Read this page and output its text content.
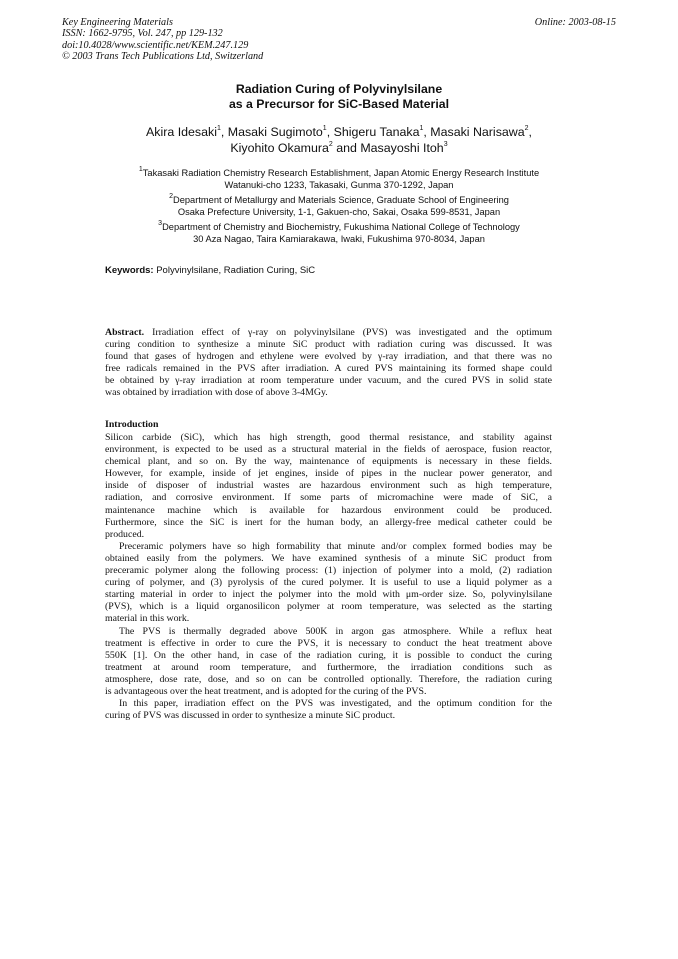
Key Engineering Materials
ISSN: 1662-9795, Vol. 247, pp 129-132
doi:10.4028/www.scientific.net/KEM.247.129
© 2003 Trans Tech Publications Ltd, Switzerland
Online: 2003-08-15
Radiation Curing of Polyvinylsilane
as a Precursor for SiC-Based Material
Akira Idesaki$^1$, Masaki Sugimoto$^1$, Shigeru Tanaka$^1$, Masaki Narisawa$^2$,
Kiyohito Okamura$^2$ and Masayoshi Itoh$^3$
$^1$Takasaki Radiation Chemistry Research Establishment, Japan Atomic Energy Research Institute
Watanuki-cho 1233, Takasaki, Gunma 370-1292, Japan
$^2$Department of Metallurgy and Materials Science, Graduate School of Engineering
Osaka Prefecture University, 1-1, Gakuen-cho, Sakai, Osaka 599-8531, Japan
$^3$Department of Chemistry and Biochemistry, Fukushima National College of Technology
30 Aza Nagao, Taira Kamiarakawa, Iwaki, Fukushima 970-8034, Japan
Keywords: Polyvinylsilane, Radiation Curing, SiC
Abstract. Irradiation effect of γ-ray on polyvinylsilane (PVS) was investigated and the optimum
curing condition to synthesize a minute SiC product with radiation curing was discussed. It was
found that gases of hydrogen and ethylene were evolved by γ-ray irradiation, and that there was no
free radicals remained in the PVS after irradiation. A cured PVS maintaining its formed shape could
be obtained by γ-ray irradiation at room temperature under vacuum, and the cured PVS in solid state
was obtained by irradiation with dose of above 3-4MGy.
Introduction
Silicon carbide (SiC), which has high strength, good thermal resistance, and stability against
environment, is expected to be used as a structural material in the fields of aerospace, fusion reactor,
chemical plant, and so on. By the way, maintenance of equipments is necessary in these fields.
However, for example, inside of jet engines, inside of pipes in the nuclear power generator, and
inside of disposer of industrial wastes are hazardous environment such as high temperature,
radiation, and corrosive environment. If some parts of micromachine were made of SiC, a
maintenance machine which is available for hazardous environment could be produced.
Furthermore, since the SiC is inert for the human body, an allergy-free medical catheter could be
produced.
Preceramic polymers have so high formability that minute and/or complex formed bodies may be
obtained easily from the polymers. We have examined synthesis of a minute SiC product from
preceramic polymer along the following process: (1) injection of polymer into a mold, (2) radiation
curing of polymer, and (3) pyrolysis of the cured polymer. It is useful to use a liquid polymer as a
starting material in order to inject the polymer into the mold with μm-order size. So, polyvinylsilane
(PVS), which is a liquid organosilicon polymer at room temperature, was selected as the starting
material in this work.
The PVS is thermally degraded above 500K in argon gas atmosphere. While a reflux heat
treatment is effective in order to cure the PVS, it is necessary to conduct the heat treatment above
550K [1]. On the other hand, in case of the radiation curing, it is possible to conduct the curing
treatment at around room temperature, and furthermore, the irradiation conditions such as
atmosphere, dose rate, dose, and so on can be controlled optionally. Therefore, the radiation curing
is advantageous over the heat treatment, and is adopted for the curing of the PVS.
In this paper, irradiation effect on the PVS was investigated, and the optimum condition for the
curing of PVS was discussed in order to synthesize a minute SiC product.
